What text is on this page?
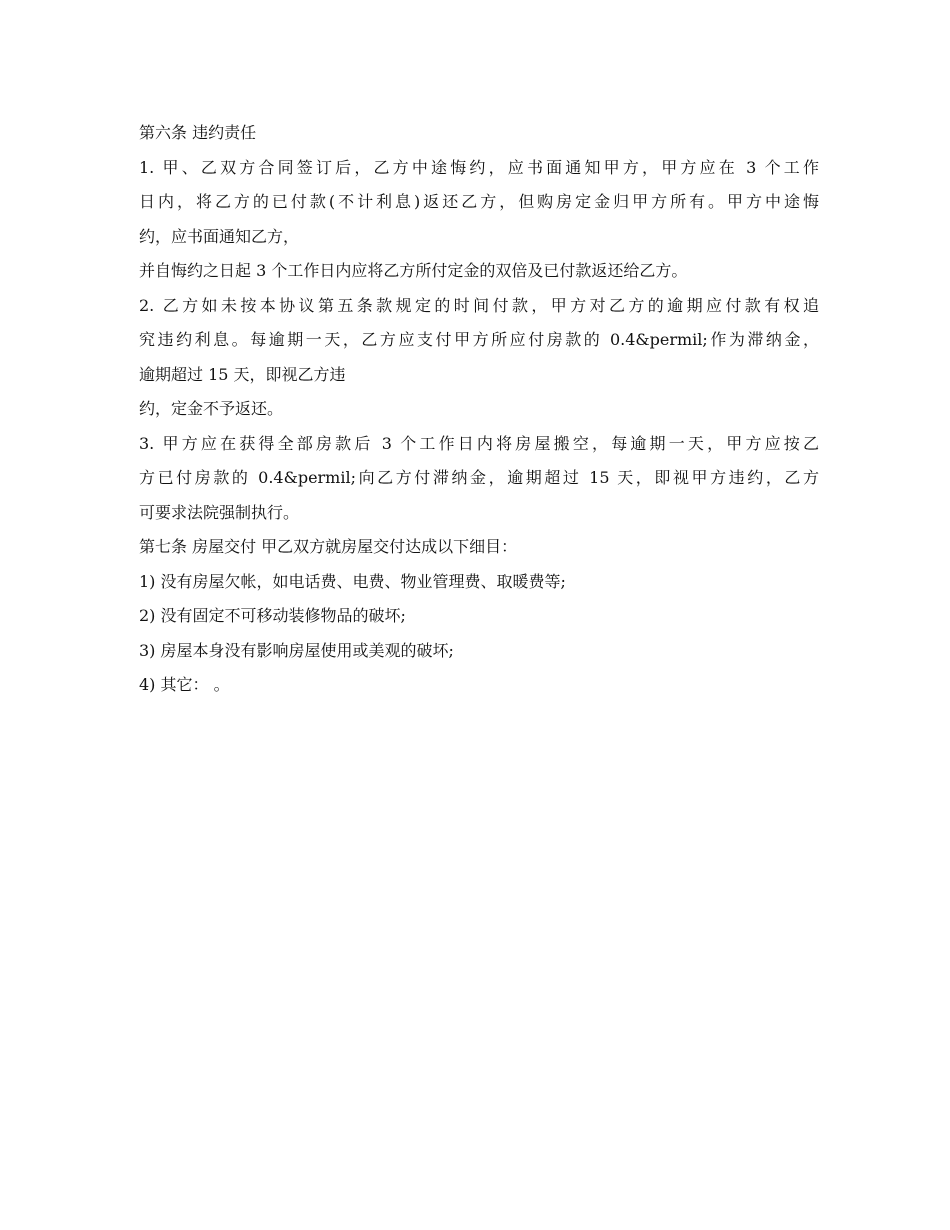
第六条 违约责任
1. 甲、乙双方合同签订后，乙方中途悔约，应书面通知甲方，甲方应在 3 个工作
日内，将乙方的已付款(不计利息)返还乙方，但购房定金归甲方所有。甲方中途悔
约，应书面通知乙方，
并自悔约之日起 3 个工作日内应将乙方所付定金的双倍及已付款返还给乙方。
2. 乙方如未按本协议第五条款规定的时间付款，甲方对乙方的逾期应付款有权追
究违约利息。每逾期一天，乙方应支付甲方所应付房款的 0.4&permil;作为滞纳金，
逾期超过 15 天，即视乙方违
约，定金不予返还。
3. 甲方应在获得全部房款后 3 个工作日内将房屋搬空，每逾期一天，甲方应按乙
方已付房款的 0.4&permil;向乙方付滞纳金，逾期超过 15 天，即视甲方违约，乙方
可要求法院强制执行。
第七条 房屋交付 甲乙双方就房屋交付达成以下细目：
1) 没有房屋欠帐，如电话费、电费、物业管理费、取暖费等;
2) 没有固定不可移动装修物品的破坏;
3) 房屋本身没有影响房屋使用或美观的破坏;
4) 其它： 。
